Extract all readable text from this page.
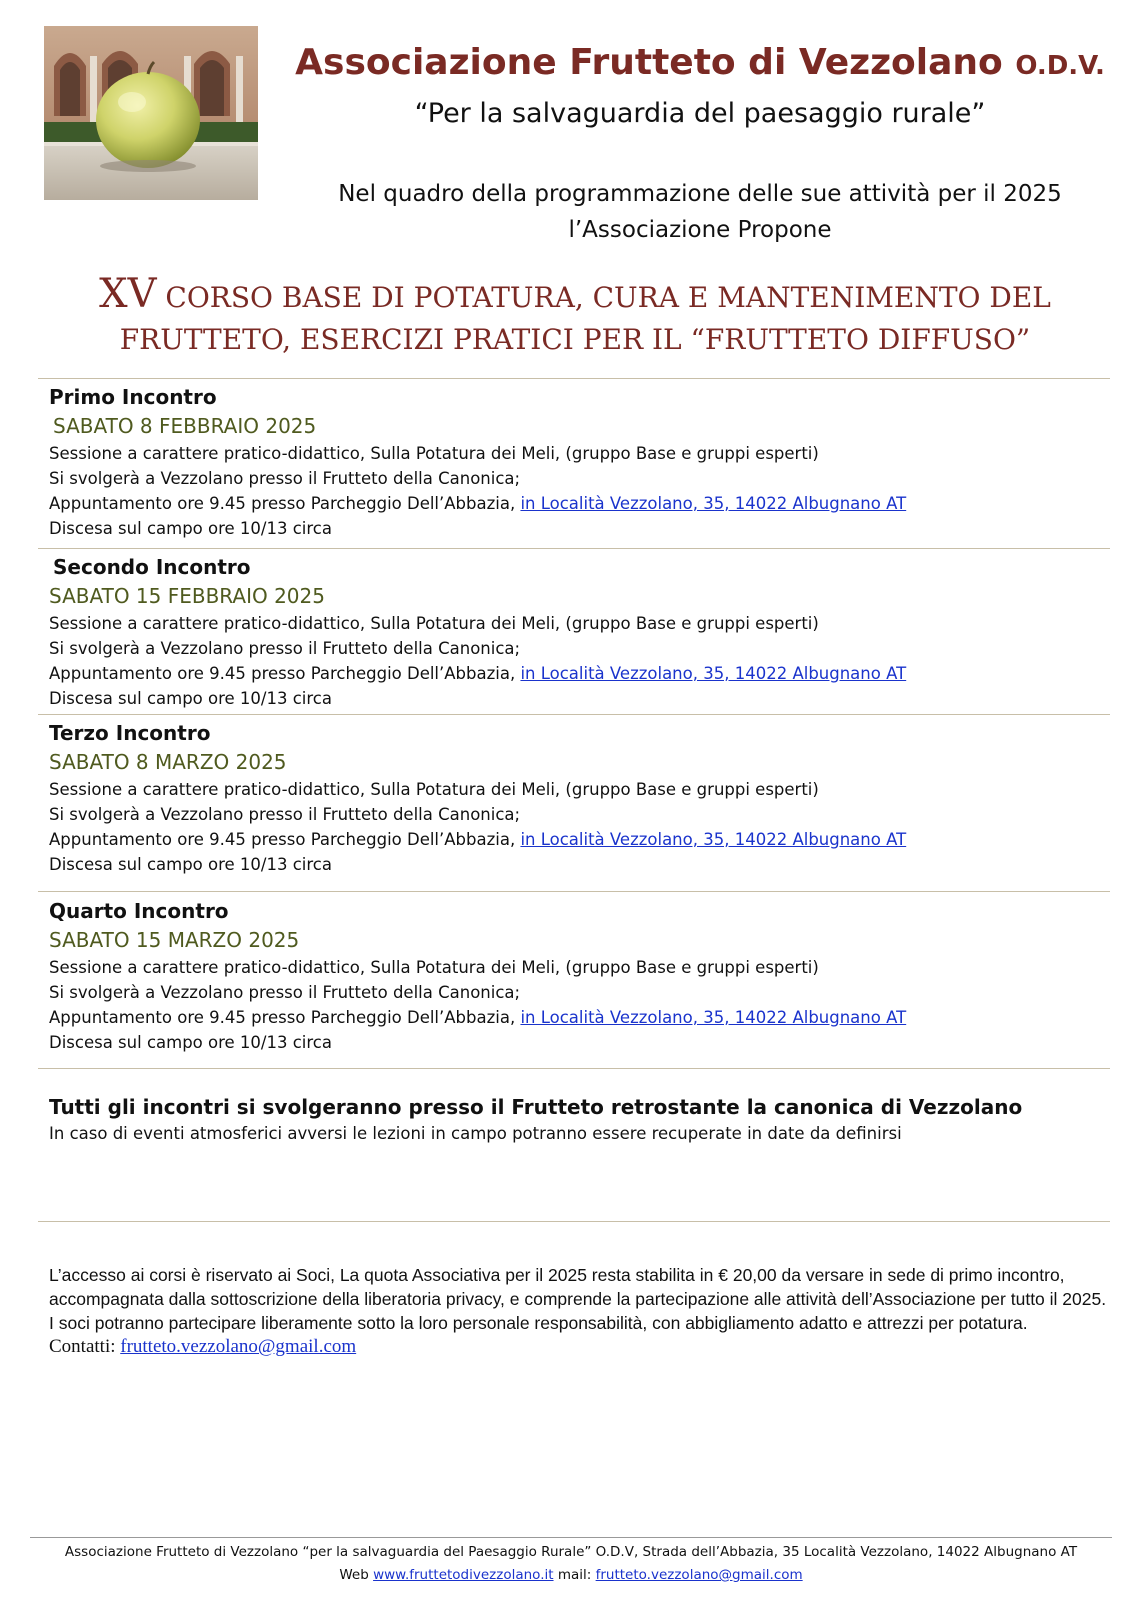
Associazione Frutteto di Vezzolano O.D.V.
“Per la salvaguardia del paesaggio rurale”
Nel quadro della programmazione delle sue attività per il 2025
l’Associazione Propone
XV CORSO BASE DI POTATURA, CURA E MANTENIMENTO DEL
FRUTTETO, ESERCIZI PRATICI PER IL “FRUTTETO DIFFUSO”
Primo Incontro
SABATO 8 FEBBRAIO 2025
Sessione a carattere pratico-didattico, Sulla Potatura dei Meli, (gruppo Base e gruppi esperti)
Si svolgerà a Vezzolano presso il Frutteto della Canonica;
Appuntamento ore 9.45 presso Parcheggio Dell’Abbazia, in Località Vezzolano, 35, 14022 Albugnano AT
Discesa sul campo ore 10/13 circa
Secondo Incontro
SABATO 15 FEBBRAIO 2025
Sessione a carattere pratico-didattico, Sulla Potatura dei Meli, (gruppo Base e gruppi esperti)
Si svolgerà a Vezzolano presso il Frutteto della Canonica;
Appuntamento ore 9.45 presso Parcheggio Dell’Abbazia, in Località Vezzolano, 35, 14022 Albugnano AT
Discesa sul campo ore 10/13 circa
Terzo Incontro
SABATO 8 MARZO 2025
Sessione a carattere pratico-didattico, Sulla Potatura dei Meli, (gruppo Base e gruppi esperti)
Si svolgerà a Vezzolano presso il Frutteto della Canonica;
Appuntamento ore 9.45 presso Parcheggio Dell’Abbazia, in Località Vezzolano, 35, 14022 Albugnano AT
Discesa sul campo ore 10/13 circa
Quarto Incontro
SABATO 15 MARZO 2025
Sessione a carattere pratico-didattico, Sulla Potatura dei Meli, (gruppo Base e gruppi esperti)
Si svolgerà a Vezzolano presso il Frutteto della Canonica;
Appuntamento ore 9.45 presso Parcheggio Dell’Abbazia, in Località Vezzolano, 35, 14022 Albugnano AT
Discesa sul campo ore 10/13 circa
Tutti gli incontri si svolgeranno presso il Frutteto retrostante la canonica di Vezzolano
In caso di eventi atmosferici avversi le lezioni in campo potranno essere recuperate in date da definirsi

L’accesso ai corsi è riservato ai Soci, La quota Associativa per il 2025 resta stabilita in € 20,00 da versare in sede di primo incontro, accompagnata dalla sottoscrizione della liberatoria privacy, e comprende la partecipazione alle attività dell’Associazione per tutto il 2025.

I soci potranno partecipare liberamente sotto la loro personale responsabilità, con abbigliamento adatto e attrezzi per potatura.

Contatti: frutteto.vezzolano@gmail.com

Associazione Frutteto di Vezzolano “per la salvaguardia del Paesaggio Rurale” O.D.V, Strada dell’Abbazia, 35 Località Vezzolano, 14022 Albugnano AT
Web www.fruttetodivezzolano.it mail: frutteto.vezzolano@gmail.com
